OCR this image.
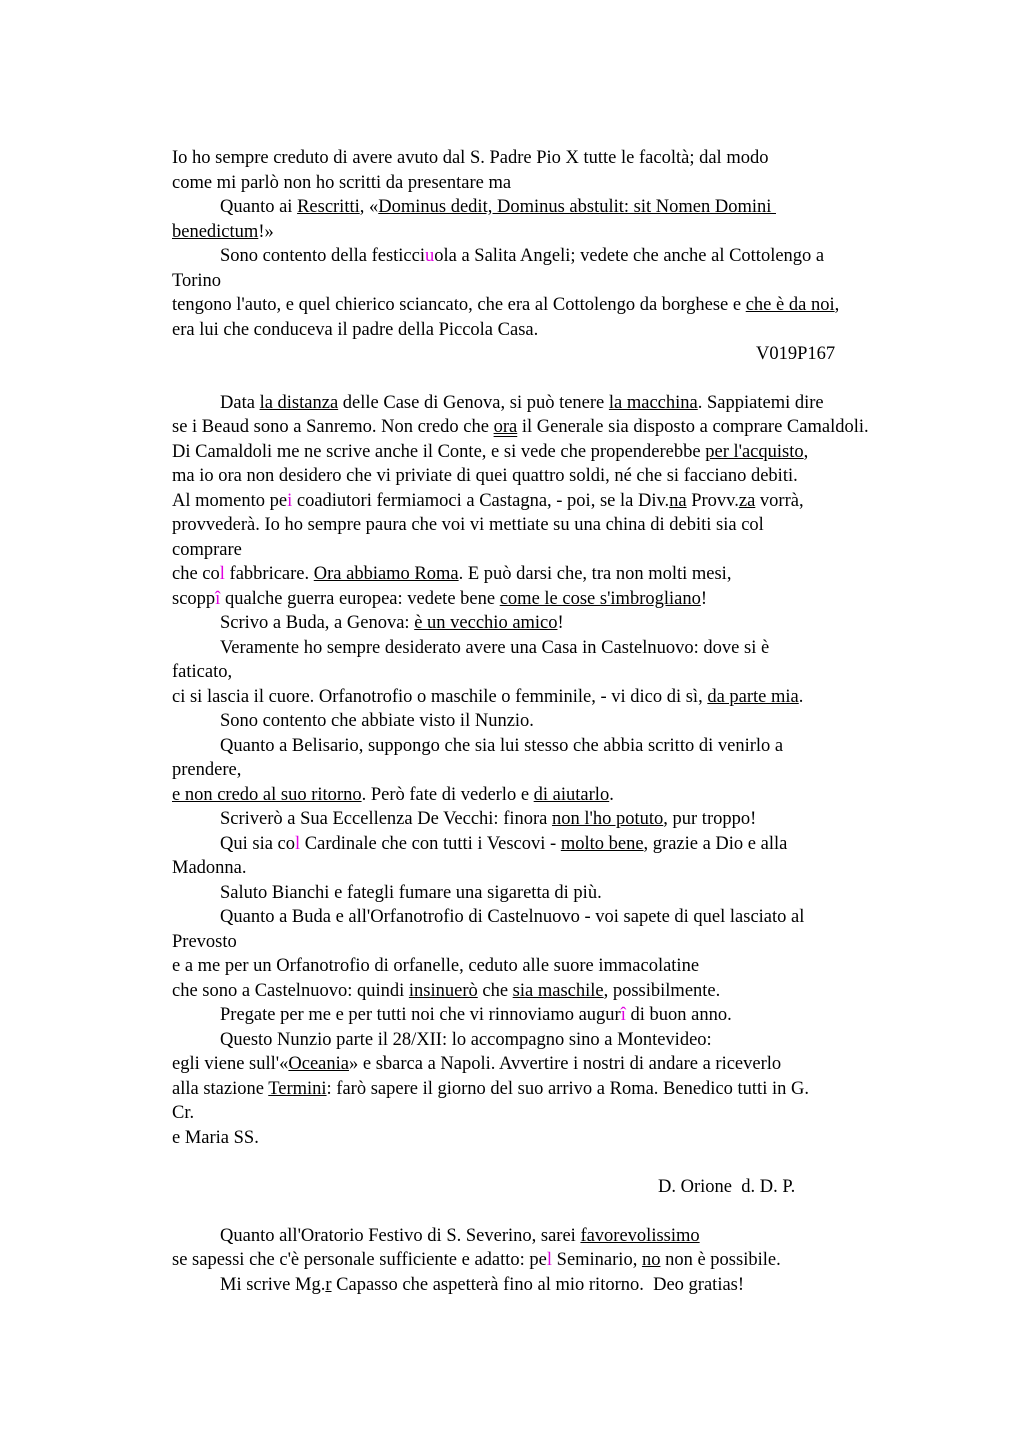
Io ho sempre creduto di avere avuto dal S. Padre Pio X tutte le facoltà; dal modo
come mi parlò non ho scritti da presentare ma
Quanto ai Rescritti, «Dominus dedit, Dominus abstulit: sit Nomen Domini
benedictum!»
Sono contento della festicciuola a Salita Angeli; vedete che anche al Cottolengo a
Torino
tengono l'auto, e quel chierico sciancato, che era al Cottolengo da borghese e che è da noi,
era lui che conduceva il padre della Piccola Casa.
V019P167
Data la distanza delle Case di Genova, si può tenere la macchina. Sappiatemi dire
se i Beaud sono a Sanremo. Non credo che ora il Generale sia disposto a comprare Camaldoli.
Di Camaldoli me ne scrive anche il Conte, e si vede che propenderebbe per l'acquisto,
ma io ora non desidero che vi priviate di quei quattro soldi, né che si facciano debiti.
Al momento pei coadiutori fermiamoci a Castagna, - poi, se la Div.na Provv.za vorrà,
provvederà. Io ho sempre paura che voi vi mettiate su una china di debiti sia col
comprare
che col fabbricare. Ora abbiamo Roma. E può darsi che, tra non molti mesi,
scoppî qualche guerra europea: vedete bene come le cose s'imbrogliano!
Scrivo a Buda, a Genova: è un vecchio amico!
Veramente ho sempre desiderato avere una Casa in Castelnuovo: dove si è
faticato,
ci si lascia il cuore. Orfanotrofio o maschile o femminile, - vi dico di sì, da parte mia.
Sono contento che abbiate visto il Nunzio.
Quanto a Belisario, suppongo che sia lui stesso che abbia scritto di venirlo a
prendere,
e non credo al suo ritorno. Però fate di vederlo e di aiutarlo.
Scriverò a Sua Eccellenza De Vecchi: finora non l'ho potuto, pur troppo!
Qui sia col Cardinale che con tutti i Vescovi - molto bene, grazie a Dio e alla
Madonna.
Saluto Bianchi e fategli fumare una sigaretta di più.
Quanto a Buda e all'Orfanotrofio di Castelnuovo - voi sapete di quel lasciato al
Prevosto
e a me per un Orfanotrofio di orfanelle, ceduto alle suore immacolatine
che sono a Castelnuovo: quindi insinuerò che sia maschile, possibilmente.
Pregate per me e per tutti noi che vi rinnoviamo augurî di buon anno.
Questo Nunzio parte il 28/XII: lo accompagno sino a Montevideo:
egli viene sull'«Oceania» e sbarca a Napoli. Avvertire i nostri di andare a riceverlo
alla stazione Termini: farò sapere il giorno del suo arrivo a Roma. Benedico tutti in G.
Cr.
e Maria SS.
D. Orione  d. D. P.
Quanto all'Oratorio Festivo di S. Severino, sarei favorevolissimo
se sapessi che c'è personale sufficiente e adatto: pel Seminario, no non è possibile.
Mi scrive Mg.r Capasso che aspetterà fino al mio ritorno.  Deo gratias!
